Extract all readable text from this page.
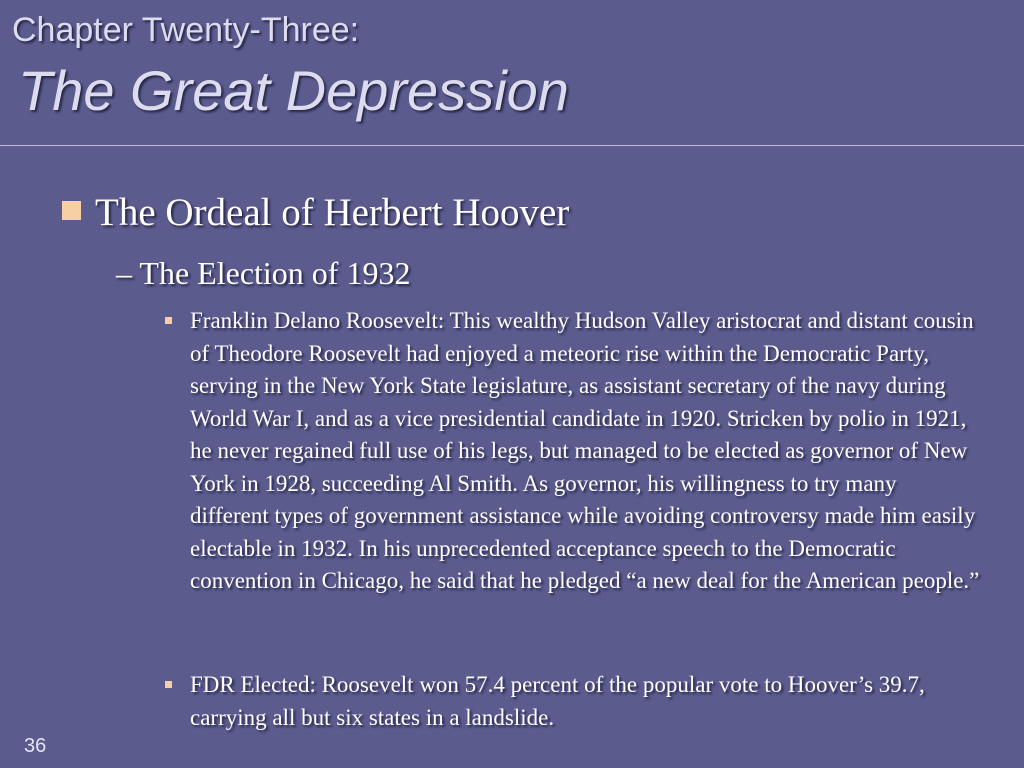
Chapter Twenty-Three:
The Great Depression
The Ordeal of Herbert Hoover
– The Election of 1932
Franklin Delano Roosevelt: This wealthy Hudson Valley aristocrat and distant cousin of Theodore Roosevelt had enjoyed a meteoric rise within the Democratic Party, serving in the New York State legislature, as assistant secretary of the navy during World War I, and as a vice presidential candidate in 1920. Stricken by polio in 1921, he never regained full use of his legs, but managed to be elected as governor of New York in 1928, succeeding Al Smith. As governor, his willingness to try many different types of government assistance while avoiding controversy made him easily electable in 1932. In his unprecedented acceptance speech to the Democratic convention in Chicago, he said that he pledged “a new deal for the American people.”
FDR Elected: Roosevelt won 57.4 percent of the popular vote to Hoover’s 39.7, carrying all but six states in a landslide.
36
